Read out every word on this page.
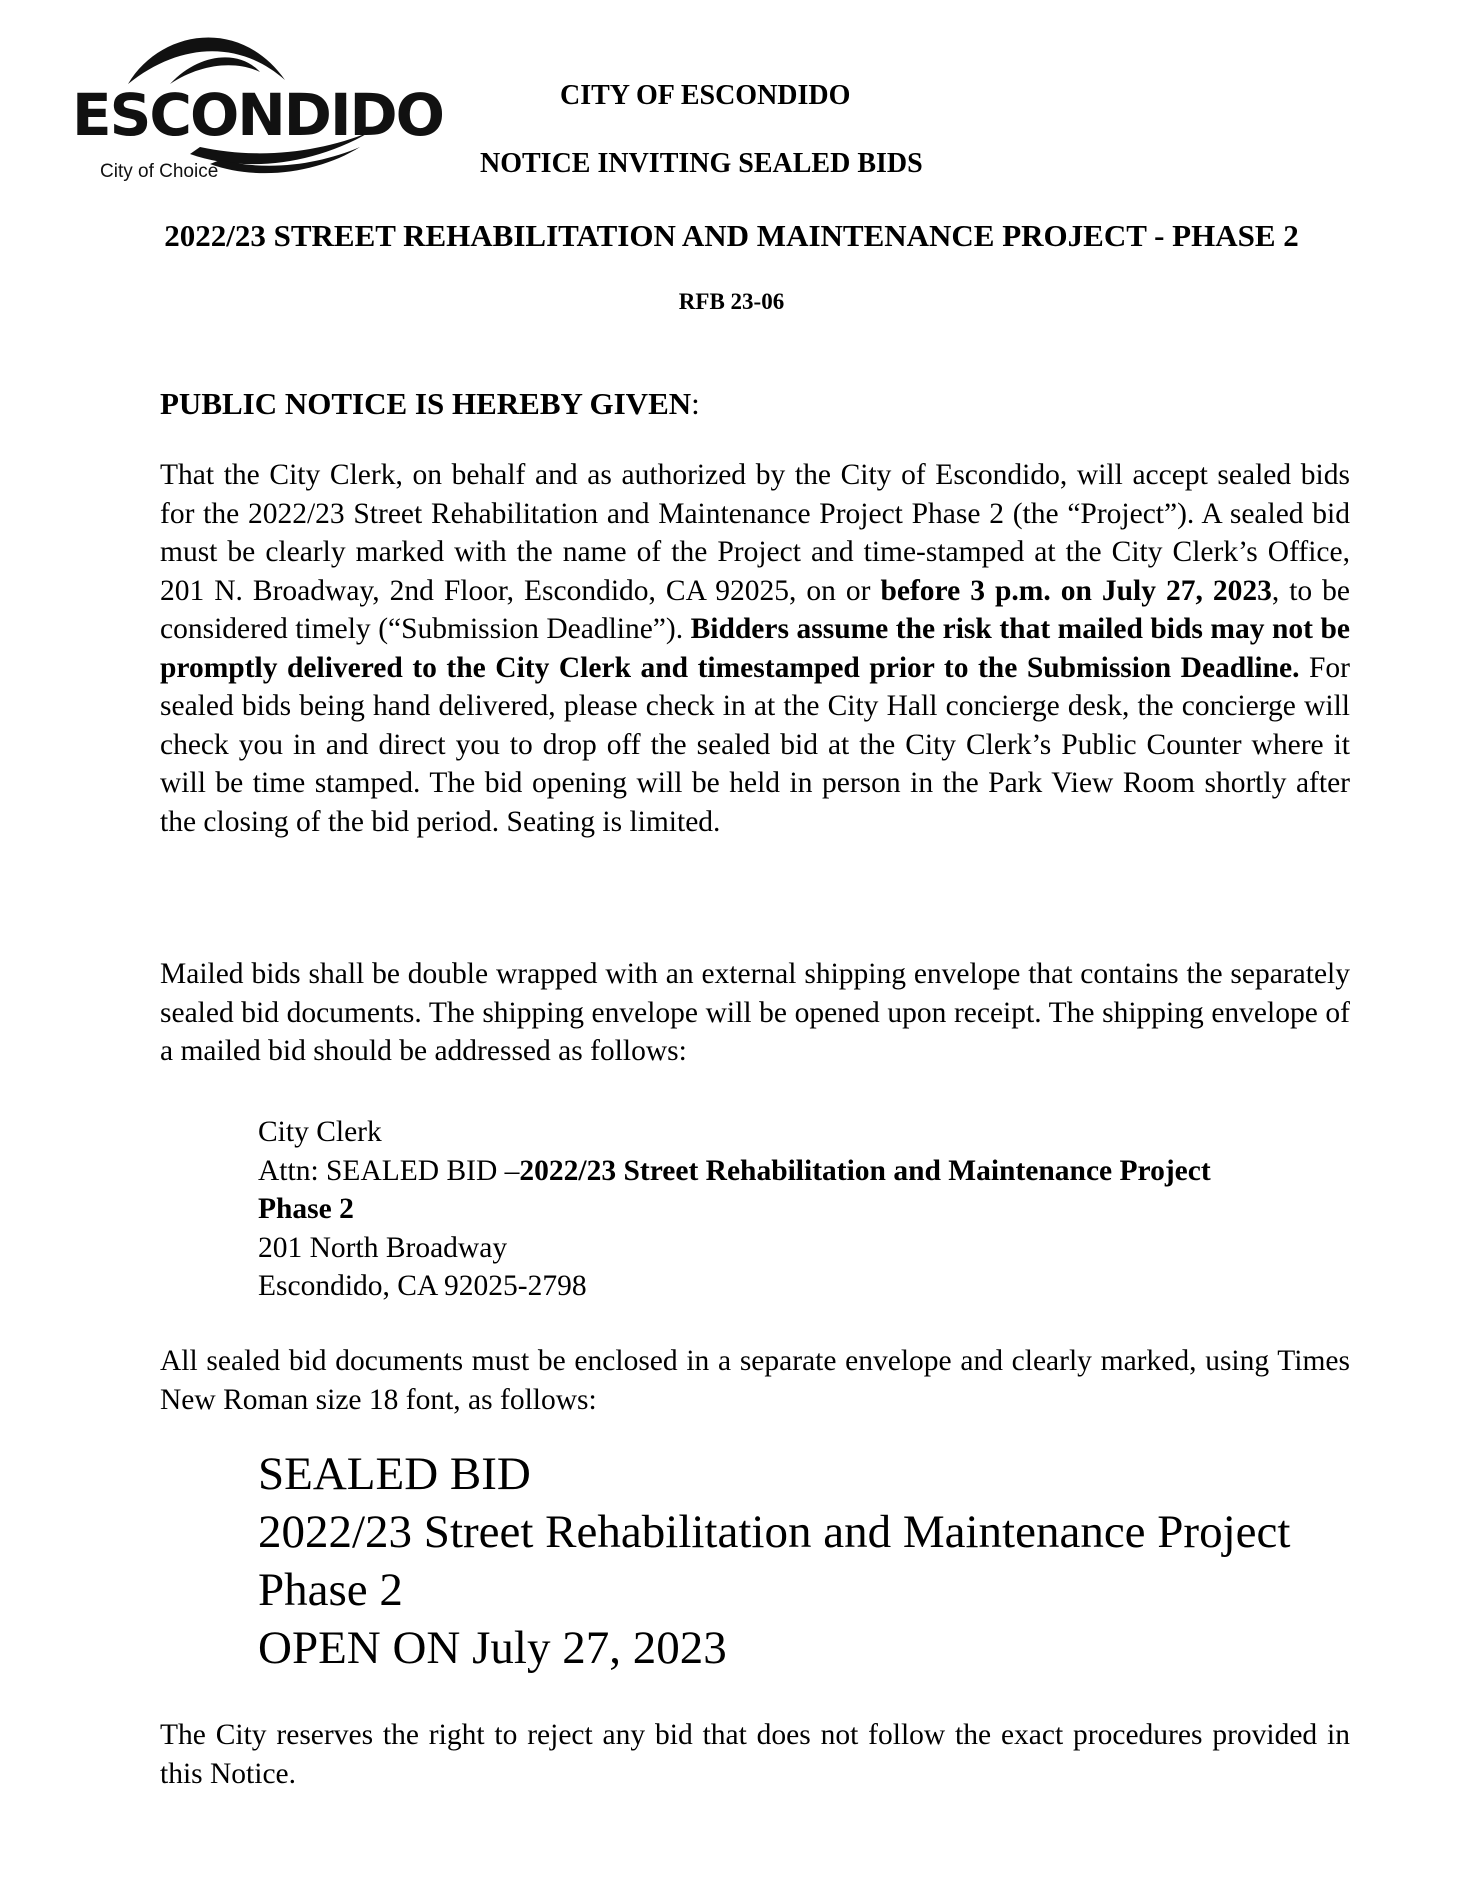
ESCONDIDO
City of Choice
CITY OF ESCONDIDO
NOTICE INVITING SEALED BIDS
2022/23 STREET REHABILITATION AND MAINTENANCE PROJECT - PHASE 2
RFB 23-06
PUBLIC NOTICE IS HEREBY GIVEN:

That the City Clerk, on behalf and as authorized by the City of Escondido, will accept sealed bids for the 2022/23 Street Rehabilitation and Maintenance Project Phase 2 (the “Project”). A sealed bid must be clearly marked with the name of the Project and time-stamped at the City Clerk’s Office, 201 N. Broadway, 2nd Floor, Escondido, CA 92025, on or before 3 p.m. on July 27, 2023, to be considered timely (“Submission Deadline”). Bidders assume the risk that mailed bids may not be promptly delivered to the City Clerk and timestamped prior to the Submission Deadline. For sealed bids being hand delivered, please check in at the City Hall concierge desk, the concierge will check you in and direct you to drop off the sealed bid at the City Clerk’s Public Counter where it will be time stamped. The bid opening will be held in person in the Park View Room shortly after the closing of the bid period. Seating is limited.

Mailed bids shall be double wrapped with an external shipping envelope that contains the separately sealed bid documents. The shipping envelope will be opened upon receipt. The shipping envelope of a mailed bid should be addressed as follows:

City Clerk
Attn: SEALED BID –2022/23 Street Rehabilitation and Maintenance Project
Phase 2
201 North Broadway
Escondido, CA 92025-2798

All sealed bid documents must be enclosed in a separate envelope and clearly marked, using Times New Roman size 18 font, as follows:

SEALED BID
2022/23 Street Rehabilitation and Maintenance Project
Phase 2
OPEN ON July 27, 2023

The City reserves the right to reject any bid that does not follow the exact procedures provided in this Notice.
